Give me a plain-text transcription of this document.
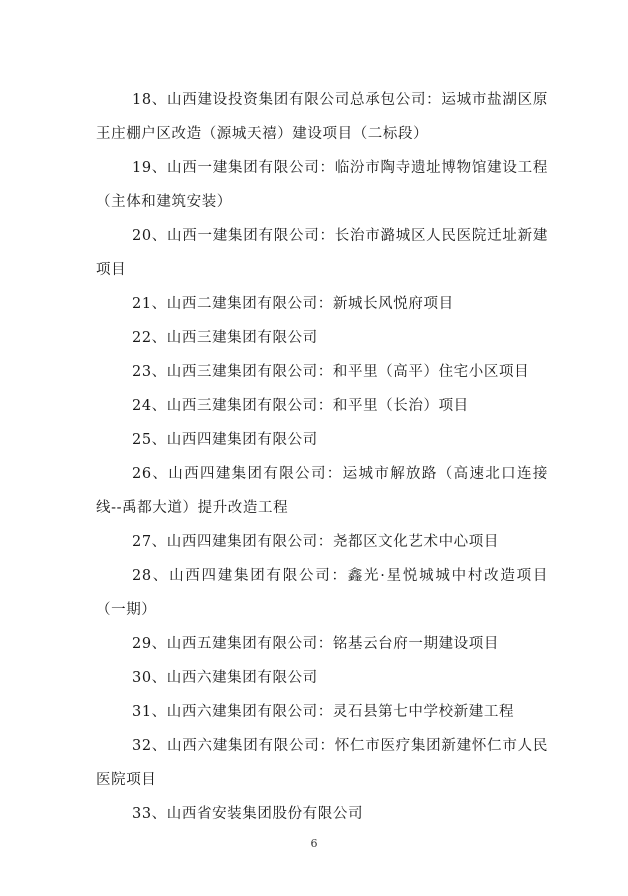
18、山西建设投资集团有限公司总承包公司：运城市盐湖区原王庄棚户区改造（源城天禧）建设项目（二标段）

19、山西一建集团有限公司：临汾市陶寺遗址博物馆建设工程（主体和建筑安装）

20、山西一建集团有限公司：长治市潞城区人民医院迁址新建项目

21、山西二建集团有限公司：新城长风悦府项目

22、山西三建集团有限公司

23、山西三建集团有限公司：和平里（高平）住宅小区项目

24、山西三建集团有限公司：和平里（长治）项目

25、山西四建集团有限公司

26、山西四建集团有限公司：运城市解放路（高速北口连接线--禹都大道）提升改造工程

27、山西四建集团有限公司：尧都区文化艺术中心项目

28、山西四建集团有限公司：鑫光·星悦城城中村改造项目（一期）

29、山西五建集团有限公司：铭基云台府一期建设项目

30、山西六建集团有限公司

31、山西六建集团有限公司：灵石县第七中学校新建工程

32、山西六建集团有限公司：怀仁市医疗集团新建怀仁市人民医院项目

33、山西省安装集团股份有限公司

6
